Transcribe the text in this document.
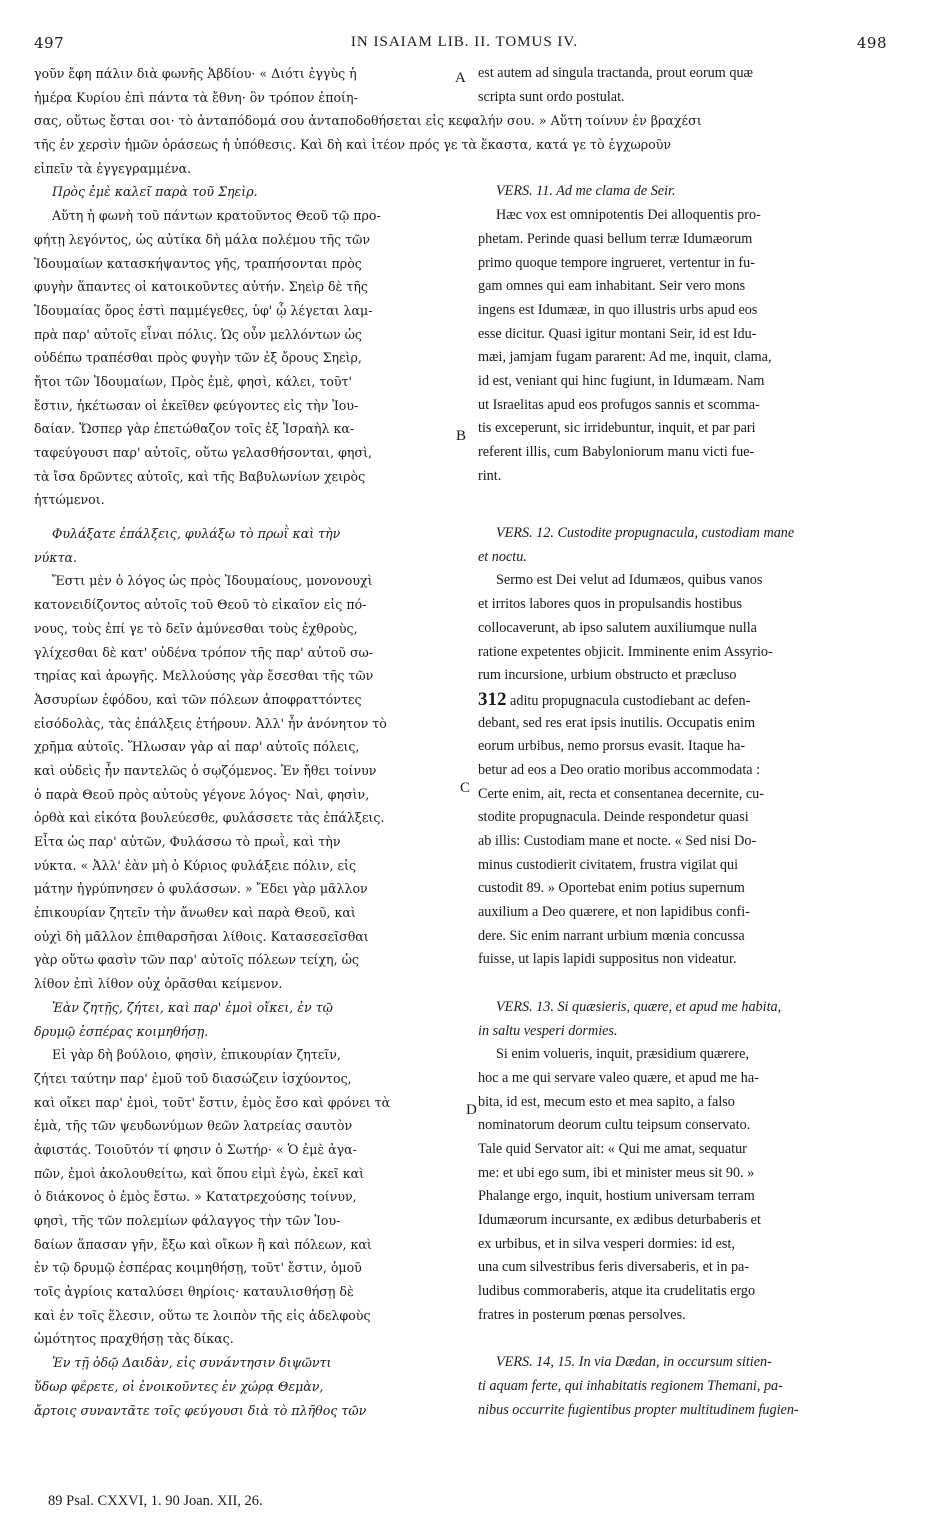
497	IN ISAIAM LIB. II. TOMUS IV.	498
A
B
C
D
γοῦν ἔφη πάλιν διὰ φωνῆς Ἀβδίου· « Διότι ἐγγὺς ἡ
ἡμέρα Κυρίου ἐπὶ πάντα τὰ ἔθνη· ὃν τρόπον ἐποίη-
σας, οὕτως ἔσται σοι· τὸ ἀνταπόδομά σου ἀνταποδοθήσεται εἰς κεφαλήν σου. » Αὕτη τοίνυν ἐν βραχέσι
τῆς ἐν χερσὶν ἡμῶν ὁράσεως ἡ ὑπόθεσις. Καὶ δὴ καὶ ἰτέον πρός γε τὰ ἕκαστα, κατά γε τὸ ἐγχωροῦν
εἰπεῖν τὰ ἐγγεγραμμένα.
Πρὸς ἐμὲ καλεῖ παρὰ τοῦ Σηεὶρ.
Αὕτη ἡ φωνὴ τοῦ πάντων κρατοῦντος Θεοῦ τῷ προ-
φήτῃ λεγόντος, ὡς αὐτίκα δὴ μάλα πολέμου τῆς τῶν
Ἰδουμαίων κατασκήψαντος γῆς, τραπήσονται πρὸς
φυγὴν ἅπαντες οἱ κατοικοῦντες αὐτήν. Σηεὶρ δὲ τῆς
Ἰδουμαίας ὄρος ἐστὶ παμμέγεθες, ὑφ' ᾧ λέγεται λαμ-
πρὰ παρ' αὐτοῖς εἶναι πόλις. Ὡς οὖν μελλόντων ὡς
οὐδέπω τραπέσθαι πρὸς φυγὴν τῶν ἐξ ὄρους Σηεὶρ,
ἤτοι τῶν Ἰδουμαίων, Πρὸς ἐμὲ, φησὶ, κάλει, τοῦτ'
ἔστιν, ἡκέτωσαν οἱ ἐκεῖθεν φεύγοντες εἰς τὴν Ἰου-
δαίαν. Ὥσπερ γὰρ ἐπετώθαζον τοῖς ἐξ Ἰσραὴλ κα-
ταφεύγουσι παρ' αὐτοῖς, οὕτω γελασθήσονται, φησὶ,
τὰ ἴσα δρῶντες αὐτοῖς, καὶ τῆς Βαβυλωνίων χειρὸς
ἡττώμενοι.
Φυλάξατε ἐπάλξεις, φυλάξω τὸ πρωῒ καὶ τὴν
νύκτα.
Ἔστι μὲν ὁ λόγος ὡς πρὸς Ἰδουμαίους, μονονουχὶ
κατονειδίζοντος αὐτοῖς τοῦ Θεοῦ τὸ εἰκαῖον εἰς πό-
νους, τοὺς ἐπί γε τὸ δεῖν ἀμύνεσθαι τοὺς ἐχθροὺς,
γλίχεσθαι δὲ κατ' οὐδένα τρόπον τῆς παρ' αὐτοῦ σω-
τηρίας καὶ ἀρωγῆς. Μελλούσης γὰρ ἔσεσθαι τῆς τῶν
Ἀσσυρίων ἐφόδου, καὶ τῶν πόλεων ἀποφραττόντες
εἰσόδολὰς, τὰς ἐπάλξεις ἐτήρουν. Ἀλλ' ἦν ἀνόνητον τὸ
χρῆμα αὐτοῖς. Ἥλωσαν γὰρ αἱ παρ' αὐτοῖς πόλεις,
καὶ οὐδεὶς ἦν παντελῶς ὁ σῳζόμενος. Ἐν ἤθει τοίνυν
ὁ παρὰ Θεοῦ πρὸς αὐτοὺς γέγονε λόγος· Ναὶ, φησὶν,
ὀρθὰ καὶ εἰκότα βουλεύεσθε, φυλάσσετε τὰς ἐπάλξεις.
Εἶτα ὡς παρ' αὐτῶν, Φυλάσσω τὸ πρωῒ, καὶ τὴν
νύκτα. « Ἀλλ' ἐὰν μὴ ὁ Κύριος φυλάξειε πόλιν, εἰς
μάτην ἠγρύπνησεν ὁ φυλάσσων. » Ἔδει γὰρ μᾶλλον
ἐπικουρίαν ζητεῖν τὴν ἄνωθεν καὶ παρὰ Θεοῦ, καὶ
οὐχὶ δὴ μᾶλλον ἐπιθαρσῆσαι λίθοις. Κατασεσεῖσθαι
γὰρ οὕτω φασὶν τῶν παρ' αὐτοῖς πόλεων τείχη, ὡς
λίθον ἐπὶ λίθον οὐχ ὁρᾶσθαι κείμενον.
Ἐὰν ζητῇς, ζήτει, καὶ παρ' ἐμοὶ οἴκει, ἐν τῷ
δρυμῷ ἑσπέρας κοιμηθήσῃ.
Εἰ γὰρ δὴ βούλοιο, φησὶν, ἐπικουρίαν ζητεῖν,
ζήτει ταύτην παρ' ἐμοῦ τοῦ διασώζειν ἰσχύοντος,
καὶ οἴκει παρ' ἐμοὶ, τοῦτ' ἔστιν, ἐμὸς ἔσο καὶ φρόνει τὰ
ἐμὰ, τῆς τῶν ψευδωνύμων θεῶν λατρείας σαυτὸν
ἀφιστάς. Τοιοῦτόν τί φησιν ὁ Σωτήρ· « Ὁ ἐμὲ ἀγα-
πῶν, ἐμοὶ ἀκολουθείτω, καὶ ὅπου εἰμὶ ἐγὼ, ἐκεῖ καὶ
ὁ διάκονος ὁ ἐμὸς ἔστω. » Κατατρεχούσης τοίνυν,
φησὶ, τῆς τῶν πολεμίων φάλαγγος τὴν τῶν Ἰου-
δαίων ἅπασαν γῆν, ἔξω καὶ οἴκων ἢ καὶ πόλεων, καὶ
ἐν τῷ δρυμῷ ἑσπέρας κοιμηθήσῃ, τοῦτ' ἔστιν, ὁμοῦ
τοῖς ἀγρίοις καταλύσει θηρίοις· καταυλισθήσῃ δὲ
καὶ ἐν τοῖς ἕλεσιν, οὕτω τε λοιπὸν τῆς εἰς ἀδελφοὺς
ὠμότητος πραχθήσῃ τὰς δίκας.
Ἐν τῇ ὁδῷ Δαιδὰν, εἰς συνάντησιν διψῶντι
ὕδωρ φέρετε, οἱ ἐνοικοῦντες ἐν χώρᾳ Θεμὰν,
ἄρτοις συναντᾶτε τοῖς φεύγουσι διὰ τὸ πλῆθος τῶν
est autem ad singula tractanda, prout eorum quæ
scripta sunt ordo postulat.
VERS. 11. Ad me clama de Seir.
Hæc vox est omnipotentis Dei alloquentis pro-
phetam. Perinde quasi bellum terræ Idumæorum
primo quoque tempore ingrueret, vertentur in fu-
gam omnes qui eam inhabitant. Seir vero mons
ingens est Idumææ, in quo illustris urbs apud eos
esse dicitur. Quasi igitur montani Seir, id est Idu-
mæi, jamjam fugam pararent: Ad me, inquit, clama,
id est, veniant qui hinc fugiunt, in Idumæam. Nam
ut Israelitas apud eos profugos sannis et scomma-
tis exceperunt, sic irridebuntur, inquit, et par pari
referent illis, cum Babyloniorum manu victi fue-
rint.
VERS. 12. Custodite propugnacula, custodiam mane
et noctu.
Sermo est Dei velut ad Idumæos, quibus vanos
et irritos labores quos in propulsandis hostibus
collocaverunt, ab ipso salutem auxiliumque nulla
ratione expetentes objicit. Imminente enim Assyrio-
rum incursione, urbium obstructo et præcluso
312 aditu propugnacula custodiebant ac defen-
debant, sed res erat ipsis inutilis. Occupatis enim
eorum urbibus, nemo prorsus evasit. Itaque ha-
betur ad eos a Deo oratio moribus accommodata :
Certe enim, ait, recta et consentanea decernite, cu-
stodite propugnacula. Deinde respondetur quasi
ab illis: Custodiam mane et nocte. « Sed nisi Do-
minus custodierit civitatem, frustra vigilat qui
custodit 89. » Oportebat enim potius supernum
auxilium a Deo quærere, et non lapidibus confi-
dere. Sic enim narrant urbium mœnia concussa
fuisse, ut lapis lapidi suppositus non videatur.
VERS. 13. Si quæsieris, quære, et apud me habita,
in saltu vesperi dormies.
Si enim volueris, inquit, præsidium quærere,
hoc a me qui servare valeo quære, et apud me ha-
bita, id est, mecum esto et mea sapito, a falso
nominatorum deorum cultu teipsum conservato.
Tale quid Servator ait: « Qui me amat, sequatur
me: et ubi ego sum, ibi et minister meus sit 90. »
Phalange ergo, inquit, hostium universam terram
Idumæorum incursante, ex ædibus deturbaberis et
ex urbibus, et in silva vesperi dormies: id est,
una cum silvestribus feris diversaberis, et in pa-
ludibus commoraberis, atque ita crudelitatis ergo
fratres in posterum pœnas persolves.
VERS. 14, 15. In via Dædan, in occursum sitien-
ti aquam ferte, qui inhabitatis regionem Themani, pa-
nibus occurrite fugientibus propter multitudinem fugien-
89 Psal. CXXVI, 1. 90 Joan. XII, 26.
